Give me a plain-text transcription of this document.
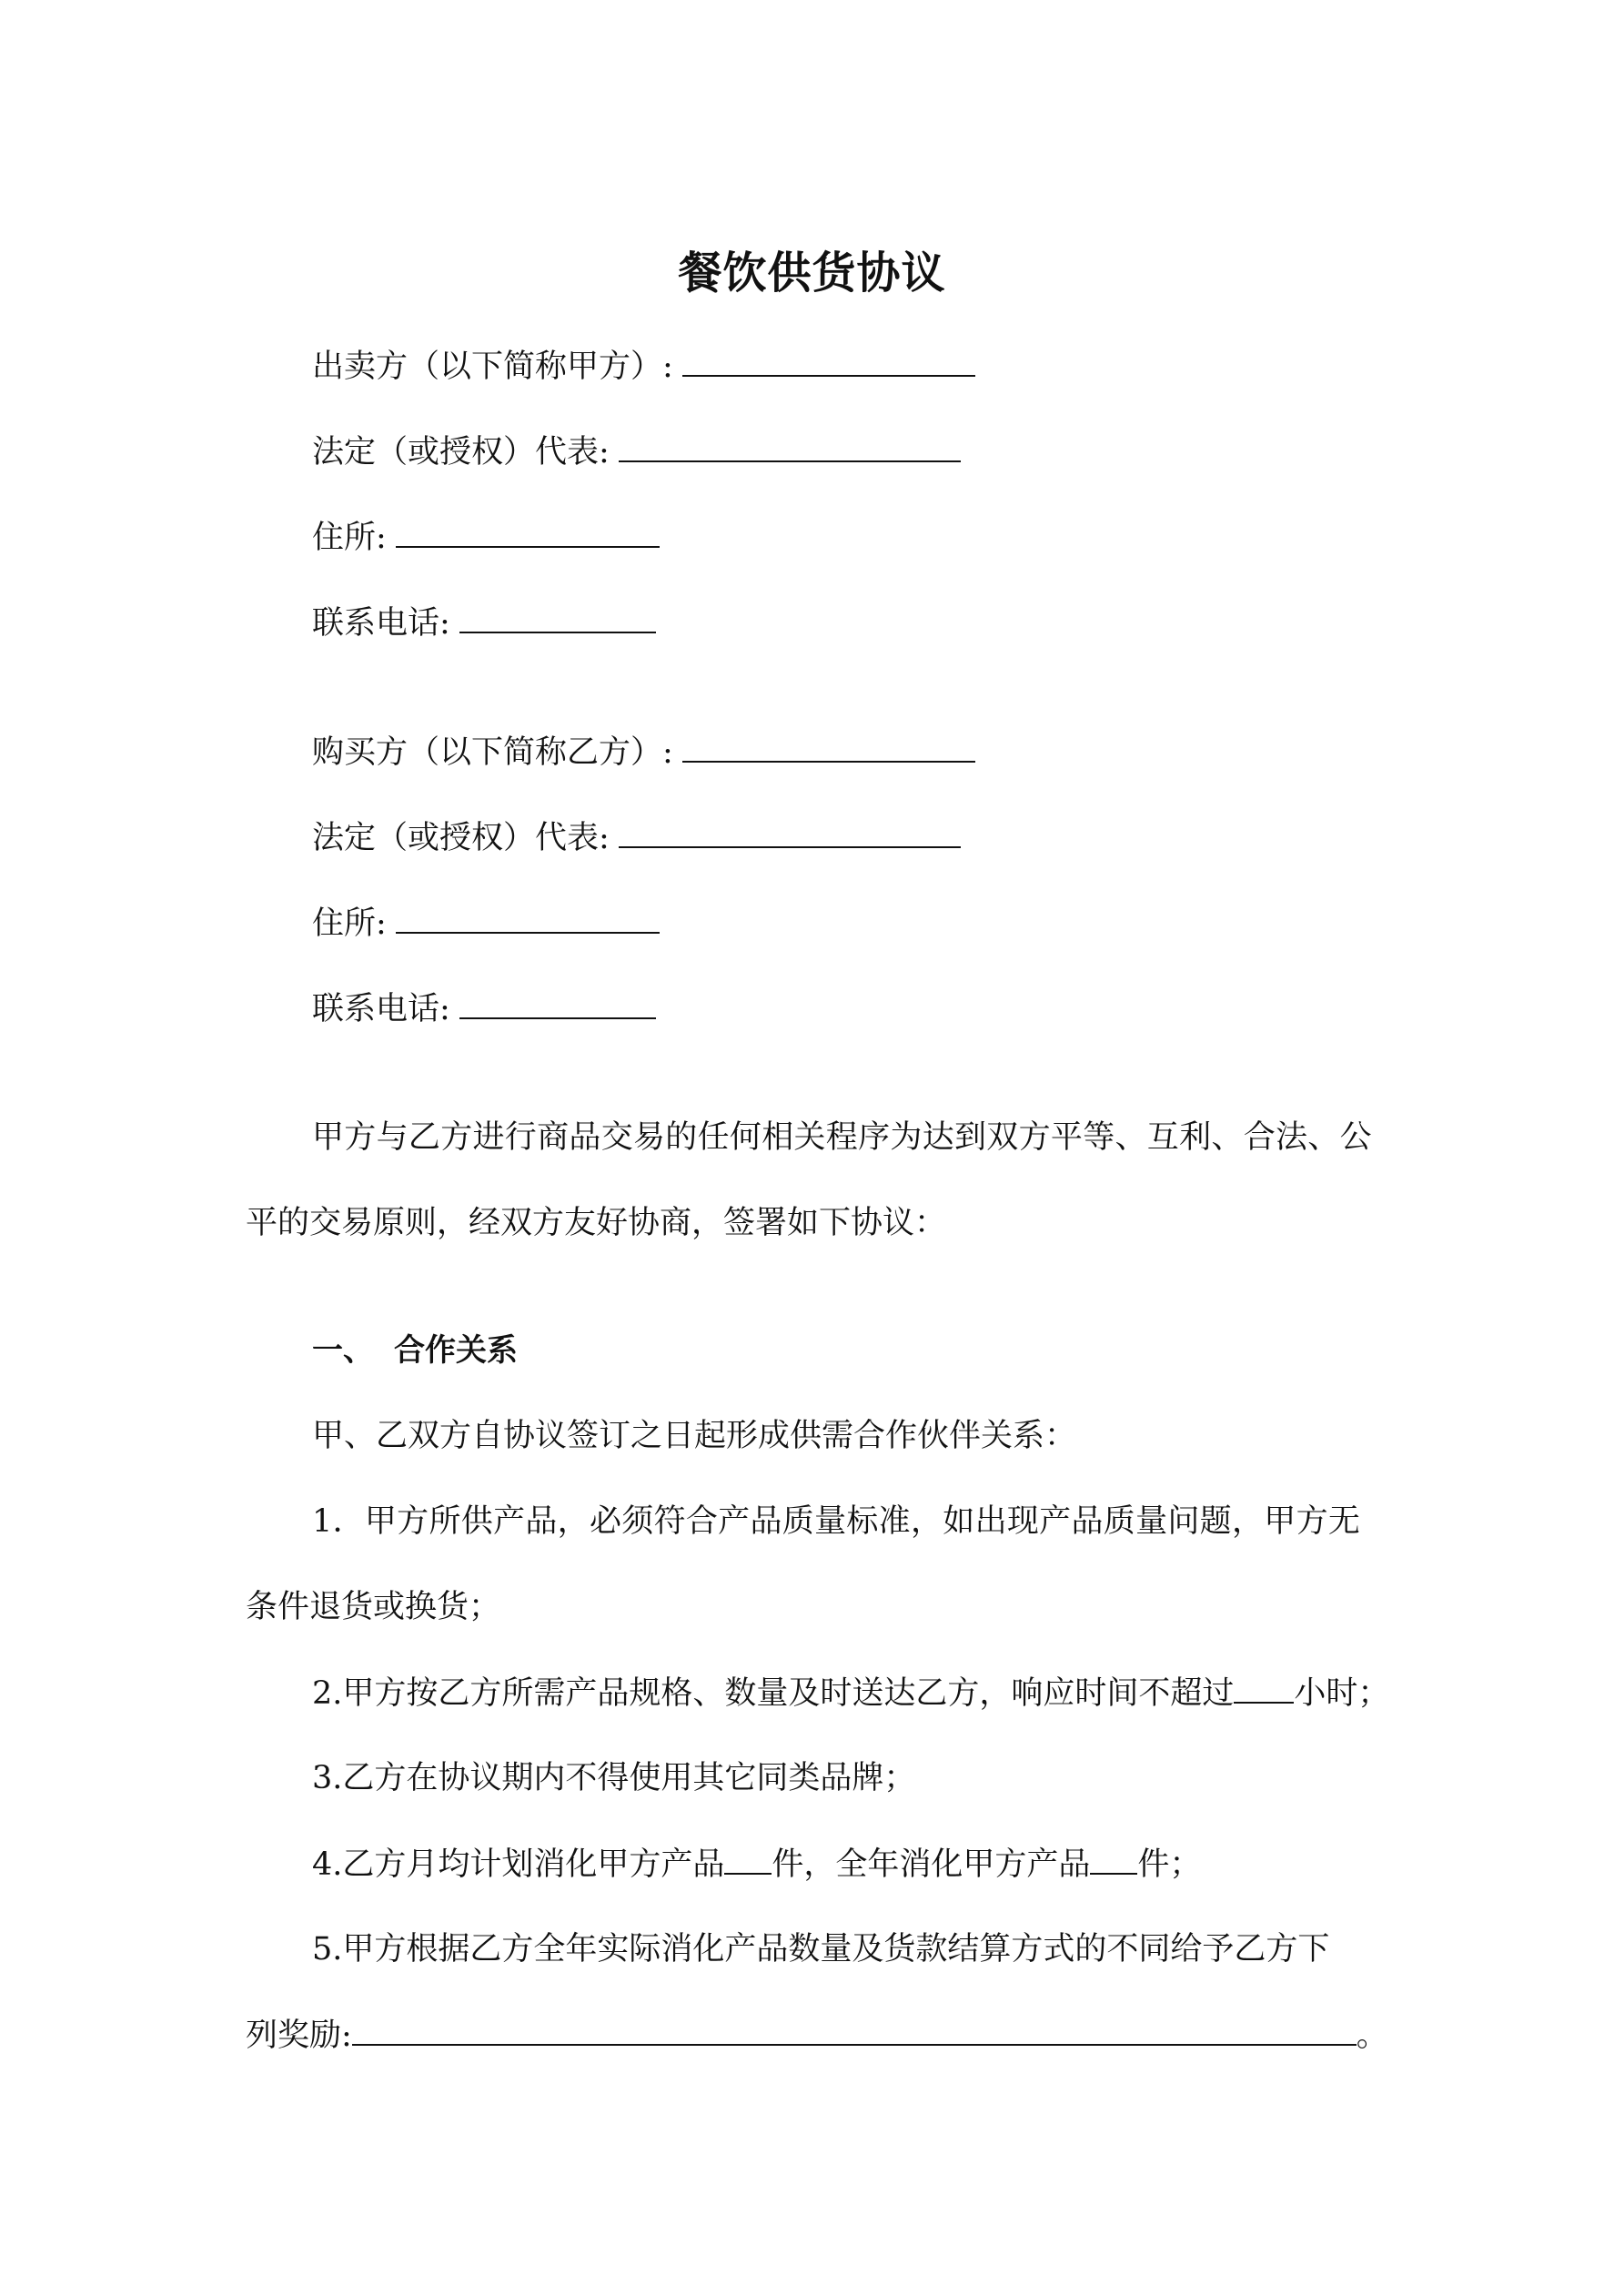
餐饮供货协议
出卖方（以下简称甲方）:
法定（或授权）代表:
住所:
联系电话:
购买方（以下简称乙方）:
法定（或授权）代表:
住所:
联系电话:
甲方与乙方进行商品交易的任何相关程序为达到双方平等、互利、合法、公
平的交易原则，经双方友好协商，签署如下协议：
一、 合作关系
甲、乙双方自协议签订之日起形成供需合作伙伴关系：
1．甲方所供产品，必须符合产品质量标准，如出现产品质量问题，甲方无
条件退货或换货；
2.甲方按乙方所需产品规格、数量及时送达乙方，响应时间不超过 小时；
3.乙方在协议期内不得使用其它同类品牌；
4.乙方月均计划消化甲方产品 件，全年消化甲方产品 件；
5.甲方根据乙方全年实际消化产品数量及货款结算方式的不同给予乙方下
列奖励:	。
